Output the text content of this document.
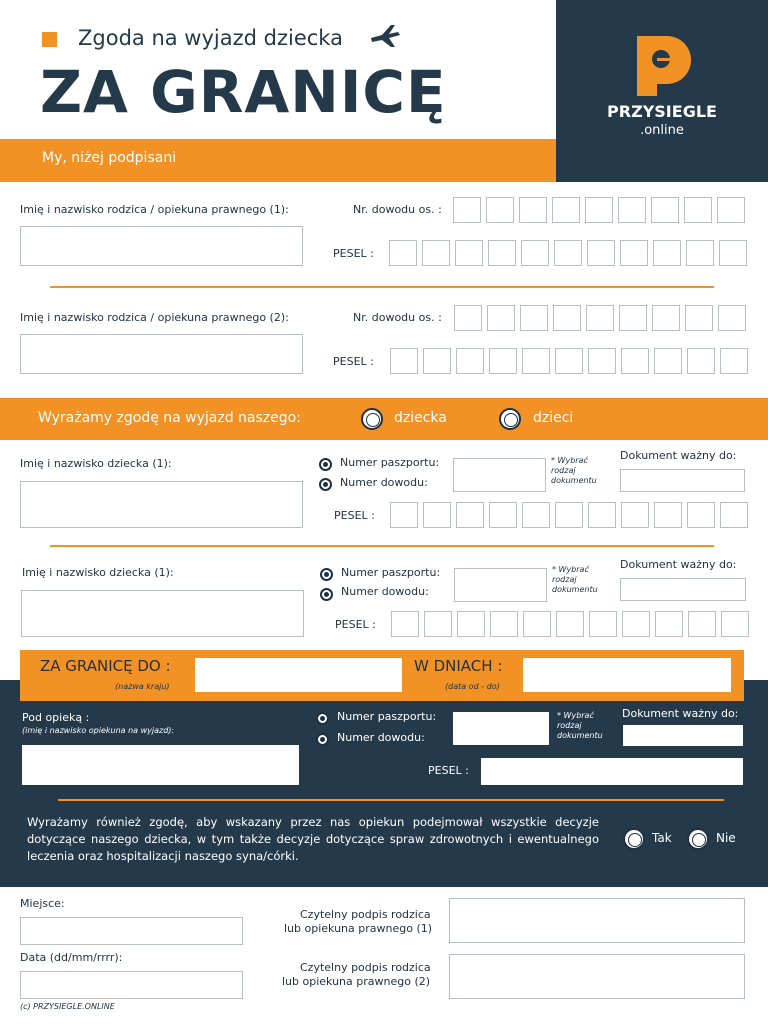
Zgoda na wyjazd dziecka
ZA GRANICĘ
My, niżej podpisani
PRZYSIEGLE
.online
Imię i nazwisko rodzica / opiekuna prawnego (1):	Nr. dowodu os. :
PESEL :
Imię i nazwisko rodzica / opiekuna prawnego (2):	Nr. dowodu os. :
PESEL :
Wyrażamy zgodę na wyjazd naszego:	dziecka	dzieci
Imię i nazwisko dziecka (1):	Numer paszportu:
Numer dowodu:
* Wybrać rodzaj dokumentu
Dokument ważny do:
PESEL :
Imię i nazwisko dziecka (1):	Numer paszportu:
Numer dowodu:
* Wybrać rodzaj dokumentu
Dokument ważny do:
PESEL :
ZA GRANICĘ DO :
(nazwa kraju)
W DNIACH :
(data od - do)
Pod opieką :
(imię i nazwisko opiekuna na wyjazd):
Numer paszportu:
Numer dowodu:
* Wybrać rodzaj dokumentu
Dokument ważny do:
PESEL :
Wyrażamy również zgodę, aby wskazany przez nas opiekun podejmował wszystkie decyzje dotyczące naszego dziecka, w tym także decyzje dotyczące spraw zdrowotnych i ewentualnego leczenia oraz hospitalizacji naszego syna/córki.
Tak	Nie
Miejsce:
Data (dd/mm/rrrr):
(c) PRZYSIEGLE.ONLINE
Czytelny podpis rodzica
lub opiekuna prawnego (1)
Czytelny podpis rodzica
lub opiekuna prawnego (2)
